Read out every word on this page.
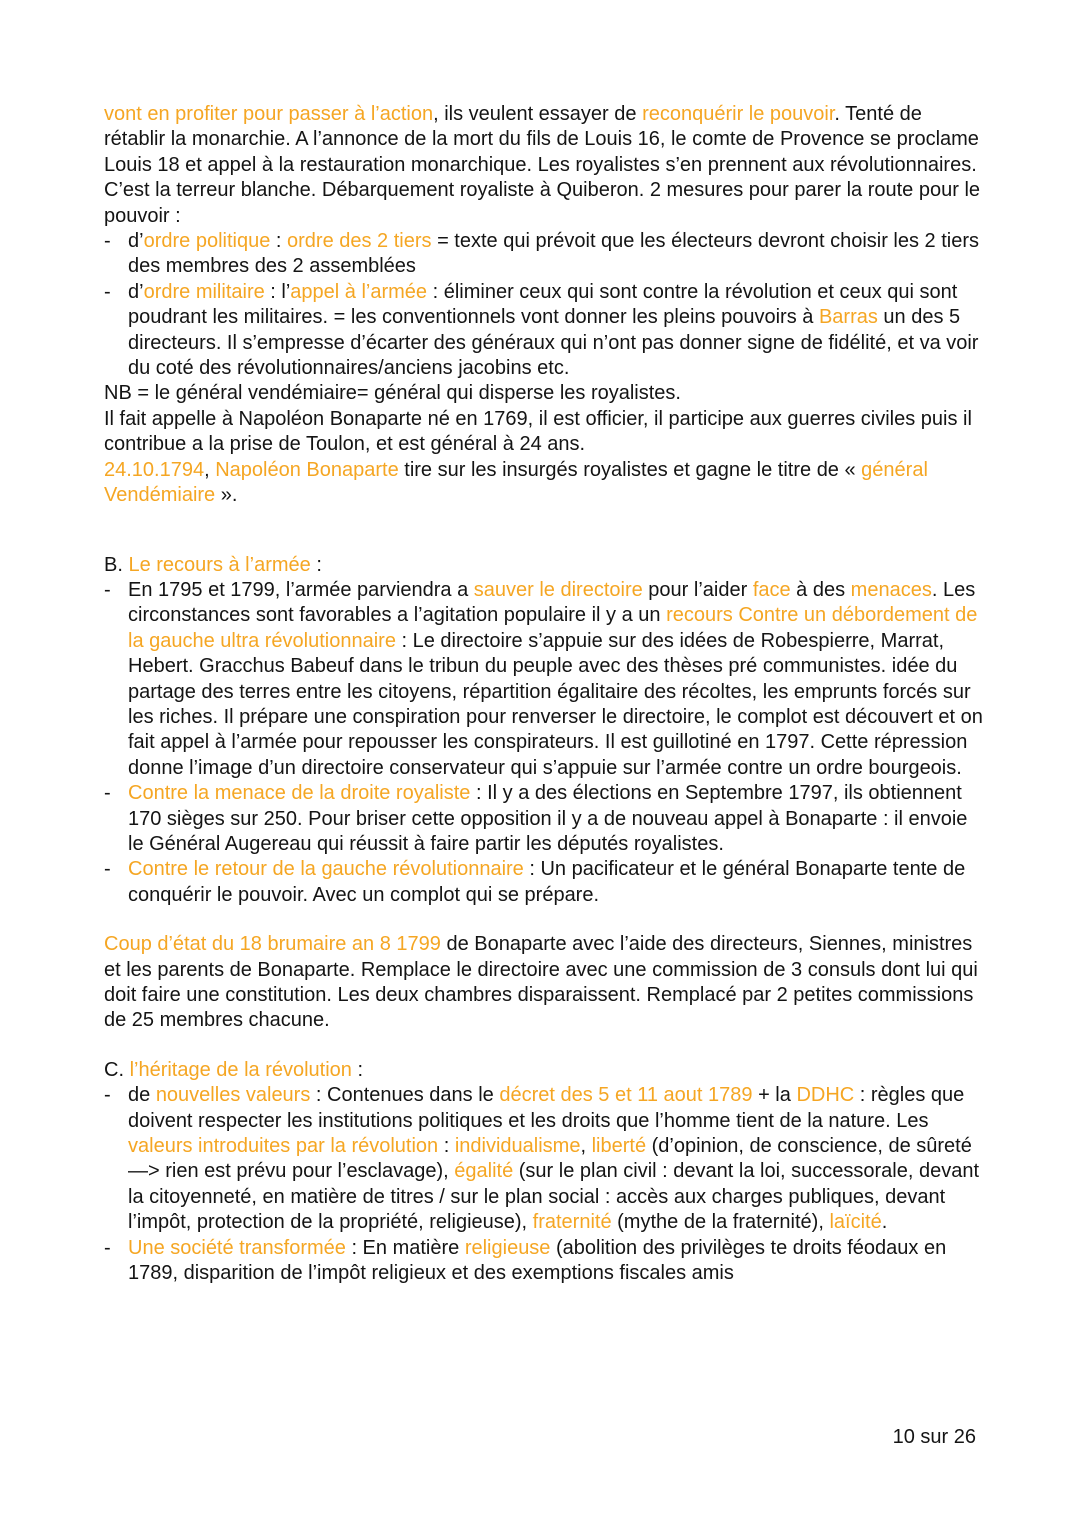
vont en profiter pour passer à l’action, ils veulent essayer de reconquérir le pouvoir. Tenté de rétablir la monarchie. A l’annonce de la mort du fils de Louis 16, le comte de Provence se proclame Louis 18 et appel à la restauration monarchique. Les royalistes s’en prennent aux révolutionnaires. C’est la terreur blanche. Débarquement royaliste à Quiberon. 2 mesures pour parer la route pour le pouvoir :

- d’ordre politique : ordre des 2 tiers = texte qui prévoit que les électeurs devront choisir les 2 tiers des membres des 2 assemblées
- d’ordre militaire : l’appel à l’armée : éliminer ceux qui sont contre la révolution et ceux qui sont poudrant les militaires. = les conventionnels vont donner les pleins pouvoirs à Barras un des 5 directeurs. Il s’empresse d’écarter des généraux qui n’ont pas donner signe de fidélité, et va voir du coté des révolutionnaires/anciens jacobins etc.

NB = le général vendémiaire= général qui disperse les royalistes.

Il fait appelle à Napoléon Bonaparte né en 1769, il est officier, il participe aux guerres civiles puis il contribue a la prise de Toulon, et est général à 24 ans.

24.10.1794, Napoléon Bonaparte tire sur les insurgés royalistes et gagne le titre de « général Vendémiaire ».

B. Le recours à l’armée :

- En 1795 et 1799, l’armée parviendra a sauver le directoire pour l’aider face à des menaces. Les circonstances sont favorables a l’agitation populaire il y a un recours Contre un débordement de la gauche ultra révolutionnaire : Le directoire s’appuie sur des idées de Robespierre, Marrat, Hebert. Gracchus Babeuf dans le tribun du peuple avec des thèses pré communistes. idée du partage des terres entre les citoyens, répartition égalitaire des récoltes, les emprunts forcés sur les riches. Il prépare une conspiration pour renverser le directoire, le complot est découvert et on fait appel à l’armée pour repousser les conspirateurs. Il est guillotiné en 1797. Cette répression donne l’image d’un directoire conservateur qui s’appuie sur l’armée contre un ordre bourgeois.
- Contre la menace de la droite royaliste : Il y a des élections en Septembre 1797, ils obtiennent 170 sièges sur 250. Pour briser cette opposition il y a de nouveau appel à Bonaparte : il envoie le Général Augereau qui réussit à faire partir les députés royalistes.
- Contre le retour de la gauche révolutionnaire : Un pacificateur et le général Bonaparte tente de conquérir le pouvoir. Avec un complot qui se prépare.

Coup d’état du 18 brumaire an 8 1799 de Bonaparte avec l’aide des directeurs, Siennes, ministres et les parents de Bonaparte. Remplace le directoire avec une commission de 3 consuls dont lui qui doit faire une constitution. Les deux chambres disparaissent. Remplacé par 2 petites commissions de 25 membres chacune.

C. l’héritage de la révolution :

- de nouvelles valeurs : Contenues dans le décret des 5 et 11 aout 1789 + la DDHC : règles que doivent respecter les institutions politiques et les droits que l’homme tient de la nature. Les valeurs introduites par la révolution : individualisme, liberté (d’opinion, de conscience, de sûreté —> rien est prévu pour l’esclavage), égalité (sur le plan civil : devant la loi, successorale, devant la citoyenneté, en matière de titres / sur le plan social : accès aux charges publiques, devant l’impôt, protection de la propriété, religieuse), fraternité (mythe de la fraternité), laïcité.
- Une société transformée : En matière religieuse (abolition des privilèges te droits féodaux en 1789, disparition de l’impôt religieux et des exemptions fiscales amis
10 sur 26
